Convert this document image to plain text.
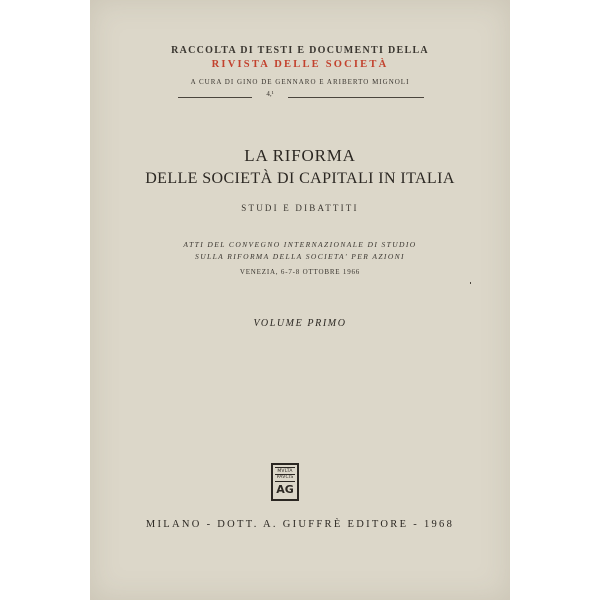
RACCOLTA DI TESTI E DOCUMENTI DELLA
RIVISTA DELLE SOCIETÀ
A CURA DI GINO DE GENNARO E ARIBERTO MIGNOLI
4,¹
LA RIFORMA
DELLE SOCIETÀ DI CAPITALI IN ITALIA
STUDI E DIBATTITI
ATTI DEL CONVEGNO INTERNAZIONALE DI STUDIO
SULLA RIFORMA DELLA SOCIETA' PER AZIONI
VENEZIA, 6-7-8 OTTOBRE 1966
VOLUME PRIMO
MVLTA
PAVCIS
AG
MILANO - DOTT. A. GIUFFRÈ EDITORE - 1968
